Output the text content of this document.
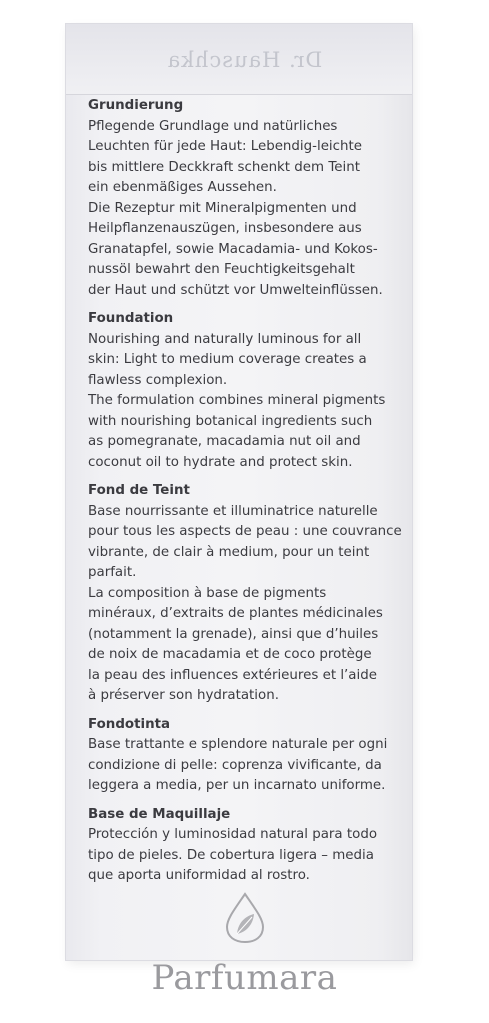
Dr. Hauschka
Grundierung
Pflegende Grundlage und natürliches
Leuchten für jede Haut: Lebendig-leichte
bis mittlere Deckkraft schenkt dem Teint
ein ebenmäßiges Aussehen.
Die Rezeptur mit Mineralpigmenten und
Heilpflanzenauszügen, insbesondere aus
Granatapfel, sowie Macadamia- und Kokos-
nussöl bewahrt den Feuchtigkeitsgehalt
der Haut und schützt vor Umwelteinflüssen.
Foundation
Nourishing and naturally luminous for all
skin: Light to medium coverage creates a
flawless complexion.
The formulation combines mineral pigments
with nourishing botanical ingredients such
as pomegranate, macadamia nut oil and
coconut oil to hydrate and protect skin.
Fond de Teint
Base nourrissante et illuminatrice naturelle
pour tous les aspects de peau : une couvrance
vibrante, de clair à medium, pour un teint
parfait.
La composition à base de pigments
minéraux, d’extraits de plantes médicinales
(notamment la grenade), ainsi que d’huiles
de noix de macadamia et de coco protège
la peau des influences extérieures et l’aide
à préserver son hydratation.
Fondotinta
Base trattante e splendore naturale per ogni
condizione di pelle: coprenza vivificante, da
leggera a media, per un incarnato uniforme.
Base de Maquillaje
Protección y luminosidad natural para todo
tipo de pieles. De cobertura ligera – media
que aporta uniformidad al rostro.
Parfumara
